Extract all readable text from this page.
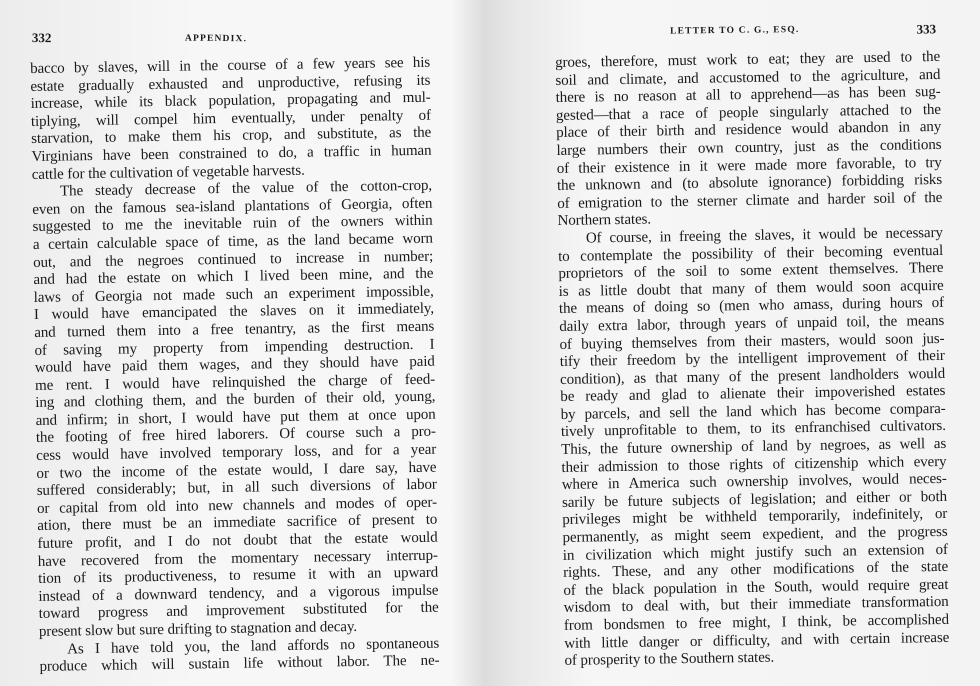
332	APPENDIX.
bacco by slaves, will in the course of a few years see his
estate gradually exhausted and unproductive, refusing its
increase, while its black population, propagating and mul-
tiplying, will compel him eventually, under penalty of
starvation, to make them his crop, and substitute, as the
Virginians have been constrained to do, a traffic in human
cattle for the cultivation of vegetable harvests.
The steady decrease of the value of the cotton-crop,
even on the famous sea-island plantations of Georgia, often
suggested to me the inevitable ruin of the owners within
a certain calculable space of time, as the land became worn
out, and the negroes continued to increase in number;
and had the estate on which I lived been mine, and the
laws of Georgia not made such an experiment impossible,
I would have emancipated the slaves on it immediately,
and turned them into a free tenantry, as the first means
of saving my property from impending destruction. I
would have paid them wages, and they should have paid
me rent. I would have relinquished the charge of feed-
ing and clothing them, and the burden of their old, young,
and infirm; in short, I would have put them at once upon
the footing of free hired laborers. Of course such a pro-
cess would have involved temporary loss, and for a year
or two the income of the estate would, I dare say, have
suffered considerably; but, in all such diversions of labor
or capital from old into new channels and modes of oper-
ation, there must be an immediate sacrifice of present to
future profit, and I do not doubt that the estate would
have recovered from the momentary necessary interrup-
tion of its productiveness, to resume it with an upward
instead of a downward tendency, and a vigorous impulse
toward progress and improvement substituted for the
present slow but sure drifting to stagnation and decay.
As I have told you, the land affords no spontaneous
produce which will sustain life without labor. The ne-
LETTER TO C. G., ESQ.	333
groes, therefore, must work to eat; they are used to the
soil and climate, and accustomed to the agriculture, and
there is no reason at all to apprehend—as has been sug-
gested—that a race of people singularly attached to the
place of their birth and residence would abandon in any
large numbers their own country, just as the conditions
of their existence in it were made more favorable, to try
the unknown and (to absolute ignorance) forbidding risks
of emigration to the sterner climate and harder soil of the
Northern states.
Of course, in freeing the slaves, it would be necessary
to contemplate the possibility of their becoming eventual
proprietors of the soil to some extent themselves. There
is as little doubt that many of them would soon acquire
the means of doing so (men who amass, during hours of
daily extra labor, through years of unpaid toil, the means
of buying themselves from their masters, would soon jus-
tify their freedom by the intelligent improvement of their
condition), as that many of the present landholders would
be ready and glad to alienate their impoverished estates
by parcels, and sell the land which has become compara-
tively unprofitable to them, to its enfranchised cultivators.
This, the future ownership of land by negroes, as well as
their admission to those rights of citizenship which every
where in America such ownership involves, would neces-
sarily be future subjects of legislation; and either or both
privileges might be withheld temporarily, indefinitely, or
permanently, as might seem expedient, and the progress
in civilization which might justify such an extension of
rights. These, and any other modifications of the state
of the black population in the South, would require great
wisdom to deal with, but their immediate transformation
from bondsmen to free might, I think, be accomplished
with little danger or difficulty, and with certain increase
of prosperity to the Southern states.
